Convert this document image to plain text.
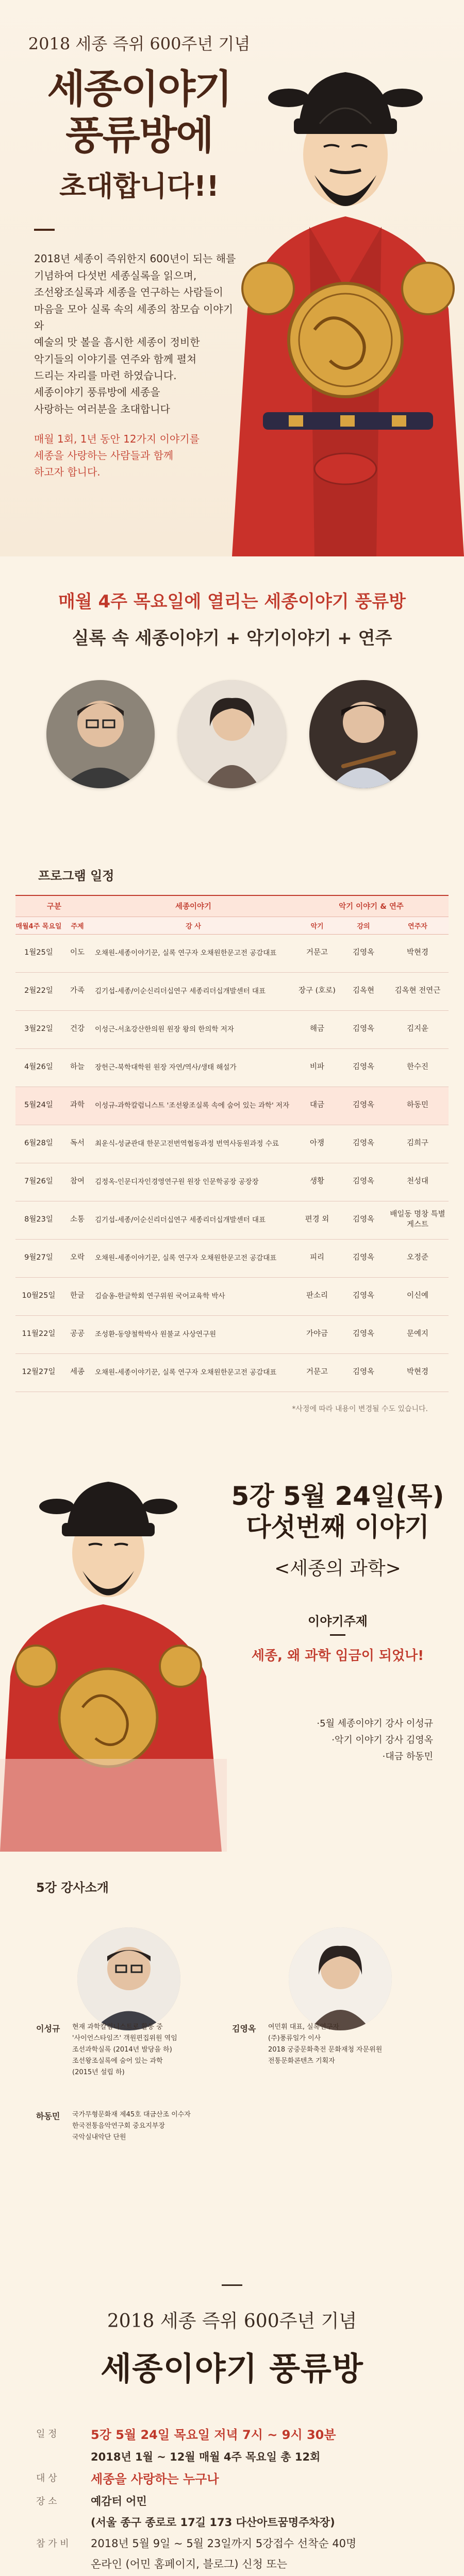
2018 세종 즉위 600주년 기념
세종이야기
풍류방에
초대합니다!!
2018년 세종이 즉위한지 600년이 되는 해를
기념하여 다섯번 세종실록을 읽으며,
조선왕조실록과 세종을 연구하는 사람들이
마음을 모아 실록 속의 세종의 참모습 이야기와
예술의 맛 볼을 흠시한 세종이 정비한
악기들의 이야기를 연주와 함께 펼쳐
드리는 자리를 마련 하였습니다.
세종이야기 풍류방에 세종을
사랑하는 여러분을 초대합니다
매월 1회, 1년 동안 12가지 이야기를
세종을 사랑하는 사람들과 함께
하고자 합니다.
매월 4주 목요일에 열리는 세종이야기 풍류방
실록 속 세종이야기 + 악기이야기 + 연주
프로그램 일정
구분		세종이야기	악기 이야기 & 연주		
매월4주 목요일	주제	강 사	악기	강의	연주자
1월25일	이도	오채원-세종이야기꾼, 실록 연구자 오채원한문고전 공감대표	거문고	김영옥	박현경
2월22일	가족	김기섭-세종/이순신리더십연구 세종리더십개발센터 대표	장구 (호로)	김옥현	김옥현 전연근
3월22일	건강	이성근-서초강산한의원 원장 왕의 한의학 저자	해금	김영옥	김지윤
4월26일	하늘	장헌근-북학대학원 원장 자연/역사/생태 해설가	비파	김영옥	한수진
5월24일	과학	이성규-과학칼럼니스트 '조선왕조실록 속에 숨어 있는 과학' 저자	대금	김영옥	하동민
6월28일	독서	최운식-성균관대 한문고전번역협동과정 번역사동원과정 수료	아쟁	김영옥	김희구
7월26일	참여	김정옥-인문디자인경영연구원 원장 인문학공장 공장장	생황	김영옥	천성대
8월23일	소통	김기섭-세종/이순신리더십연구 세종리더십개발센터 대표	편경 외	김영옥	배일동 명창 특별게스트
9월27일	오락	오채원-세종이야기꾼, 실록 연구자 오채원한문고전 공감대표	피리	김영옥	오정준
10월25일	한글	김슬옹-한글학회 연구위원 국어교육학 박사	판소리	김영옥	이신예
11월22일	공공	조성환-동양철학박사 원불교 사상연구원	가야금	김영옥	문예지
12월27일	세종	오채원-세종이야기꾼, 실록 연구자 오채원한문고전 공감대표	거문고	김영옥	박현경
*사정에 따라 내용이 변경될 수도 있습니다.
5강 5월 24일(목)
다섯번째 이야기
<세종의 과학>
이야기주제
세종, 왜 과학 임금이 되었나!
·5월 세종이야기 강사 이성규
·악기 이야기 강사 김영옥
·대금 하동민
5강 강사소개
이성규	현재 과학칼럼니스트로 활동 중
'사이언스타임즈' 객원편집위원 역임
조선과학실록 (2014년 발당을 하)
조선왕조실록에 숨어 있는 과학
(2015년 설립 하)
김영옥	여민휘 대표, 실록연구자
(주)풍류일가 이사
2018 궁중문화축전 문화재청 자문위원
전통문화콘텐츠 기획자
하동민	국가무형문화재 제45호 대금산조 이수자
한국전통음악연구회 중요지부장
국악실내악단 단원
2018 세종 즉위 600주년 기념
세종이야기 풍류방
일 정	5강 5월 24일 목요일 저녁 7시 ~ 9시 30분
2018년 1월 ~ 12월 매월 4주 목요일 총 12회
대 상	세종을 사랑하는 누구나
장 소	예감터 어민
(서울 종구 종로로 17길 173 다산아트꿈명주차장)
참 가 비	2018년 5월 9일 ~ 5월 23일까지 5강접수 선착순 40명
온라인 (어민 홈페이지, 블로그) 신청 또는
